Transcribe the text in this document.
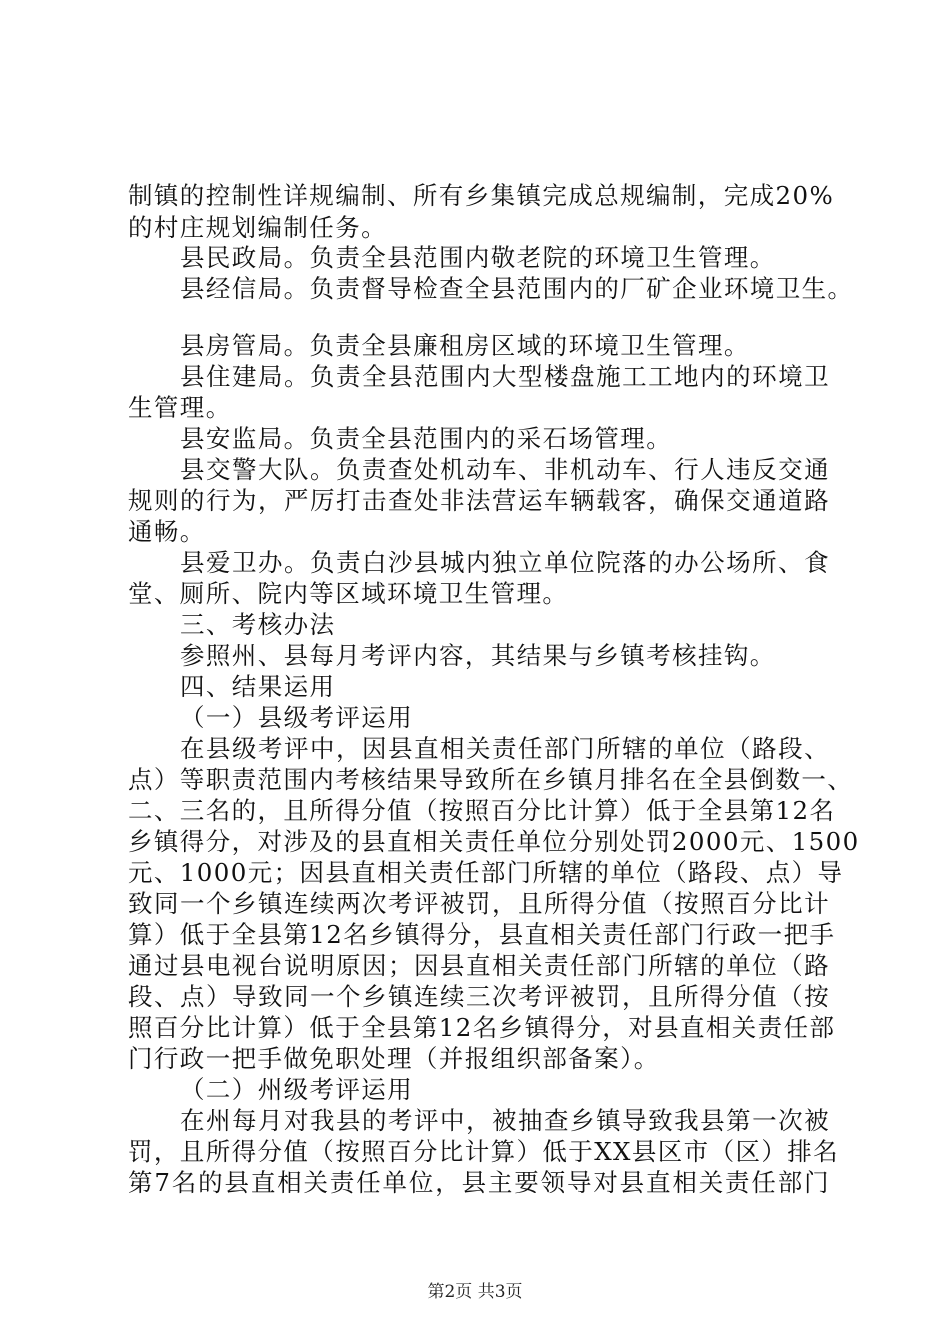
制镇的控制性详规编制、所有乡集镇完成总规编制，完成20%
的村庄规划编制任务。
县民政局。负责全县范围内敬老院的环境卫生管理。
县经信局。负责督导检查全县范围内的厂矿企业环境卫生。
县房管局。负责全县廉租房区域的环境卫生管理。
县住建局。负责全县范围内大型楼盘施工工地内的环境卫
生管理。
县安监局。负责全县范围内的采石场管理。
县交警大队。负责查处机动车、非机动车、行人违反交通
规则的行为，严厉打击查处非法营运车辆载客，确保交通道路
通畅。
县爱卫办。负责白沙县城内独立单位院落的办公场所、食
堂、厕所、院内等区域环境卫生管理。
三、考核办法
参照州、县每月考评内容，其结果与乡镇考核挂钩。
四、结果运用
（一）县级考评运用
在县级考评中，因县直相关责任部门所辖的单位（路段、
点）等职责范围内考核结果导致所在乡镇月排名在全县倒数一、
二、三名的，且所得分值（按照百分比计算）低于全县第12名
乡镇得分，对涉及的县直相关责任单位分别处罚2000元、1500
元、1000元；因县直相关责任部门所辖的单位（路段、点）导
致同一个乡镇连续两次考评被罚，且所得分值（按照百分比计
算）低于全县第12名乡镇得分，县直相关责任部门行政一把手
通过县电视台说明原因；因县直相关责任部门所辖的单位（路
段、点）导致同一个乡镇连续三次考评被罚，且所得分值（按
照百分比计算）低于全县第12名乡镇得分，对县直相关责任部
门行政一把手做免职处理（并报组织部备案）。
（二）州级考评运用
在州每月对我县的考评中，被抽查乡镇导致我县第一次被
罚，且所得分值（按照百分比计算）低于XX县区市（区）排名
第7名的县直相关责任单位，县主要领导对县直相关责任部门
第2页 共3页
